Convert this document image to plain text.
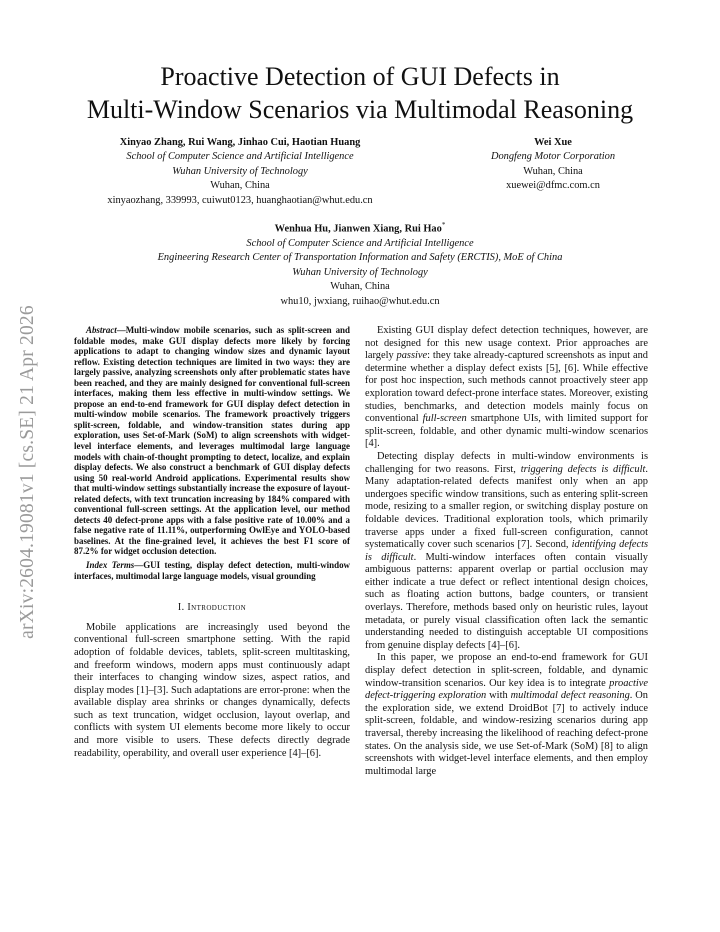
arXiv:2604.19081v1 [cs.SE] 21 Apr 2026
Proactive Detection of GUI Defects in
Multi-Window Scenarios via Multimodal Reasoning
Xinyao Zhang, Rui Wang, Jinhao Cui, Haotian Huang
School of Computer Science and Artificial Intelligence
Wuhan University of Technology
Wuhan, China
xinyaozhang, 339993, cuiwut0123, huanghaotian@whut.edu.cn
Wei Xue
Dongfeng Motor Corporation
Wuhan, China
xuewei@dfmc.com.cn
Wenhua Hu, Jianwen Xiang, Rui Hao*
School of Computer Science and Artificial Intelligence
Engineering Research Center of Transportation Information and Safety (ERCTIS), MoE of China
Wuhan University of Technology
Wuhan, China
whu10, jwxiang, ruihao@whut.edu.cn

Abstract—Multi-window mobile scenarios, such as split-screen and foldable modes, make GUI display defects more likely by forcing applications to adapt to changing window sizes and dynamic layout reflow. Existing detection techniques are limited in two ways: they are largely passive, analyzing screenshots only after problematic states have been reached, and they are mainly designed for conventional full-screen interfaces, making them less effective in multi-window settings. We propose an end-to-end framework for GUI display defect detection in multi-window mobile scenarios. The framework proactively triggers split-screen, foldable, and window-transition states during app exploration, uses Set-of-Mark (SoM) to align screenshots with widget-level interface elements, and leverages multimodal large language models with chain-of-thought prompting to detect, localize, and explain display defects. We also construct a benchmark of GUI display defects using 50 real-world Android applications. Experimental results show that multi-window settings substantially increase the exposure of layout-related defects, with text truncation increasing by 184% compared with conventional full-screen settings. At the application level, our method detects 40 defect-prone apps with a false positive rate of 10.00% and a false negative rate of 11.11%, outperforming OwlEye and YOLO-based baselines. At the fine-grained level, it achieves the best F1 score of 87.2% for widget occlusion detection.

Index Terms—GUI testing, display defect detection, multi-window interfaces, multimodal large language models, visual grounding

I. Introduction

Mobile applications are increasingly used beyond the conventional full-screen smartphone setting. With the rapid adoption of foldable devices, tablets, split-screen multitasking, and freeform windows, modern apps must continuously adapt their interfaces to changing window sizes, aspect ratios, and display modes [1]–[3]. Such adaptations are error-prone: when the available display area shrinks or changes dynamically, defects such as text truncation, widget occlusion, layout overlap, and conflicts with system UI elements become more likely to occur and more visible to users. These defects directly degrade readability, operability, and overall user experience [4]–[6].

Existing GUI display defect detection techniques, however, are not designed for this new usage context. Prior approaches are largely passive: they take already-captured screenshots as input and determine whether a display defect exists [5], [6]. While effective for post hoc inspection, such methods cannot proactively steer app exploration toward defect-prone interface states. Moreover, existing studies, benchmarks, and detection models mainly focus on conventional full-screen smartphone UIs, with limited support for split-screen, foldable, and other dynamic multi-window scenarios [4].

Detecting display defects in multi-window environments is challenging for two reasons. First, triggering defects is difficult. Many adaptation-related defects manifest only when an app undergoes specific window transitions, such as entering split-screen mode, resizing to a smaller region, or switching display posture on foldable devices. Traditional exploration tools, which primarily traverse apps under a fixed full-screen configuration, cannot systematically cover such scenarios [7]. Second, identifying defects is difficult. Multi-window interfaces often contain visually ambiguous patterns: apparent overlap or partial occlusion may either indicate a true defect or reflect intentional design choices, such as floating action buttons, badge counters, or transient overlays. Therefore, methods based only on heuristic rules, layout metadata, or purely visual classification often lack the semantic understanding needed to distinguish acceptable UI compositions from genuine display defects [4]–[6].

In this paper, we propose an end-to-end framework for GUI display defect detection in split-screen, foldable, and dynamic window-transition scenarios. Our key idea is to integrate proactive defect-triggering exploration with multimodal defect reasoning. On the exploration side, we extend DroidBot [7] to actively induce split-screen, foldable, and window-resizing scenarios during app traversal, thereby increasing the likelihood of reaching defect-prone states. On the analysis side, we use Set-of-Mark (SoM) [8] to align screenshots with widget-level interface elements, and then employ multimodal large
